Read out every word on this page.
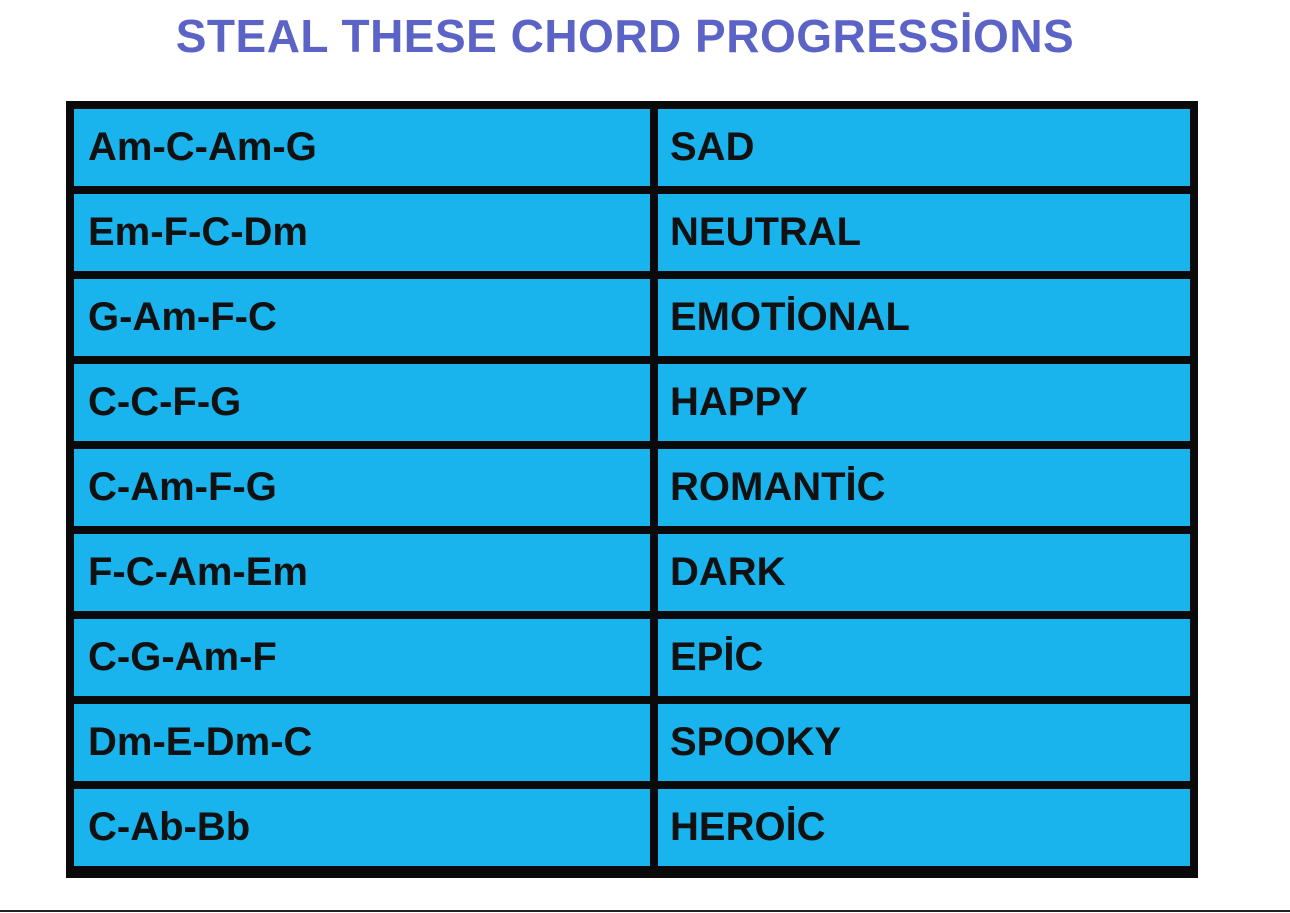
STEAL THESE CHORD PROGRESSİONS
Am-C-Am-G	SAD
Em-F-C-Dm	NEUTRAL
G-Am-F-C	EMOTİONAL
C-C-F-G	HAPPY
C-Am-F-G	ROMANTİC
F-C-Am-Em	DARK
C-G-Am-F	EPİC
Dm-E-Dm-C	SPOOKY
C-Ab-Bb	HEROİC
